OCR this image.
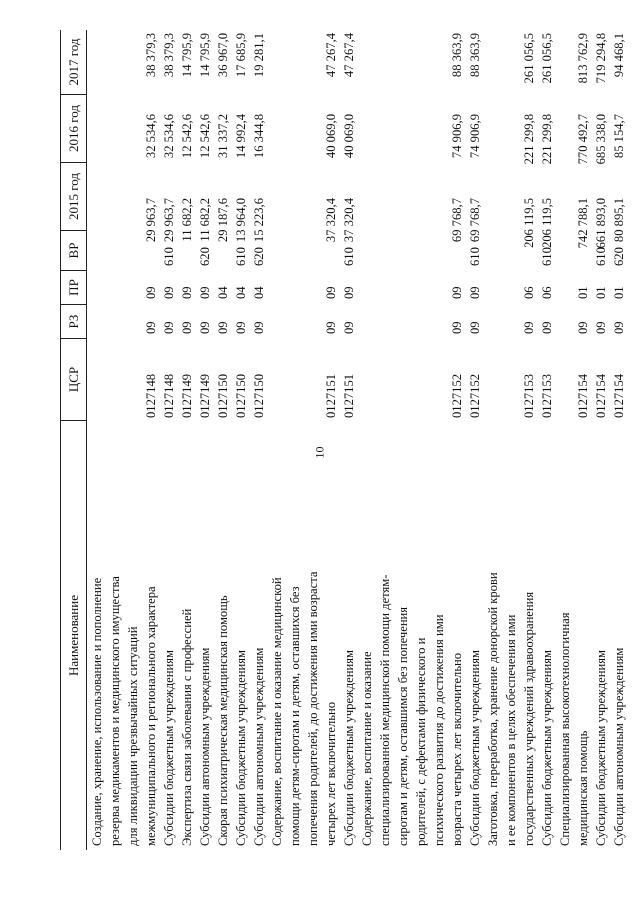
10
Наименование
ЦСР
РЗ
ПР
ВР
2015 год
2016 год
2017 год
Создание, хранение, использование и пополнение резерва медикаментов и медицинского имущества для ликвидации чрезвычайных ситуаций межмуниципального и регионального характера
0127148
09
09
29 963,7
32 534,6
38 379,3
Субсидии бюджетным учреждениям
0127148
09
09
610
29 963,7
32 534,6
38 379,3
Экспертиза связи заболевания с профессией
0127149
09
09
11 682,2
12 542,6
14 795,9
Субсидии автономным учреждениям
0127149
09
09
620
11 682,2
12 542,6
14 795,9
Скорая психиатрическая медицинская помощь
0127150
09
04
29 187,6
31 337,2
36 967,0
Субсидии бюджетным учреждениям
0127150
09
04
610
13 964,0
14 992,4
17 685,9
Субсидии автономным учреждениям
0127150
09
04
620
15 223,6
16 344,8
19 281,1
Содержание, воспитание и оказание медицинской помощи детям-сиротам и детям, оставшихся без попечения родителей, до достижения ими возраста четырех лет включительно
0127151
09
09
37 320,4
40 069,0
47 267,4
Субсидии бюджетным учреждениям
0127151
09
09
610
37 320,4
40 069,0
47 267,4
Содержание, воспитание и оказание специализированной медицинской помощи детям- сиротам и детям, оставшимся без попечения родителей, с дефектами физического и психического развития до достижения ими возраста четырех лет включительно
0127152
09
09
69 768,7
74 906,9
88 363,9
Субсидии бюджетным учреждениям
0127152
09
09
610
69 768,7
74 906,9
88 363,9
Заготовка, переработка, хранение донорской крови и ее компонентов в целях обеспечения ими государственных учреждений здравоохранения
0127153
09
06
206 119,5
221 299,8
261 056,5
Субсидии бюджетным учреждениям
0127153
09
06
610
206 119,5
221 299,8
261 056,5
Специализированная высокотехнологичная медицинская помощь
0127154
09
01
742 788,1
770 492,7
813 762,9
Субсидии бюджетным учреждениям
0127154
09
01
610
661 893,0
685 338,0
719 294,8
Субсидии автономным учреждениям
0127154
09
01
620
80 895,1
85 154,7
94 468,1
